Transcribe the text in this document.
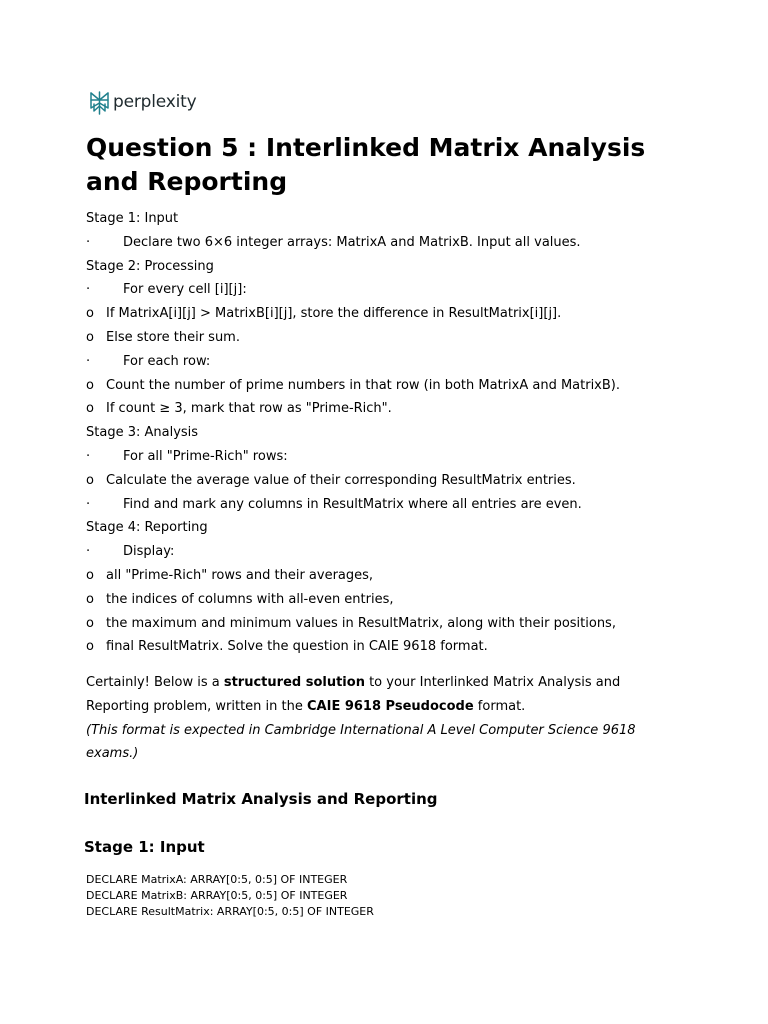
perplexity
Question 5 : Interlinked Matrix Analysis and Reporting
Stage 1: Input
·	Declare two 6×6 integer arrays: MatrixA and MatrixB. Input all values.
Stage 2: Processing
·	For every cell [i][j]:
o If MatrixA[i][j] > MatrixB[i][j], store the difference in ResultMatrix[i][j].
o Else store their sum.
·	For each row:
o Count the number of prime numbers in that row (in both MatrixA and MatrixB).
o If count ≥ 3, mark that row as "Prime-Rich".
Stage 3: Analysis
·	For all "Prime-Rich" rows:
o Calculate the average value of their corresponding ResultMatrix entries.
·	Find and mark any columns in ResultMatrix where all entries are even.
Stage 4: Reporting
·	Display:
o all "Prime-Rich" rows and their averages,
o the indices of columns with all-even entries,
o the maximum and minimum values in ResultMatrix, along with their positions,
o final ResultMatrix. Solve the question in CAIE 9618 format.

Certainly! Below is a structured solution to your Interlinked Matrix Analysis and Reporting problem, written in the CAIE 9618 Pseudocode format.

(This format is expected in Cambridge International A Level Computer Science 9618 exams.)

Interlinked Matrix Analysis and Reporting
Stage 1: Input
DECLARE MatrixA: ARRAY[0:5, 0:5] OF INTEGER
DECLARE MatrixB: ARRAY[0:5, 0:5] OF INTEGER
DECLARE ResultMatrix: ARRAY[0:5, 0:5] OF INTEGER
